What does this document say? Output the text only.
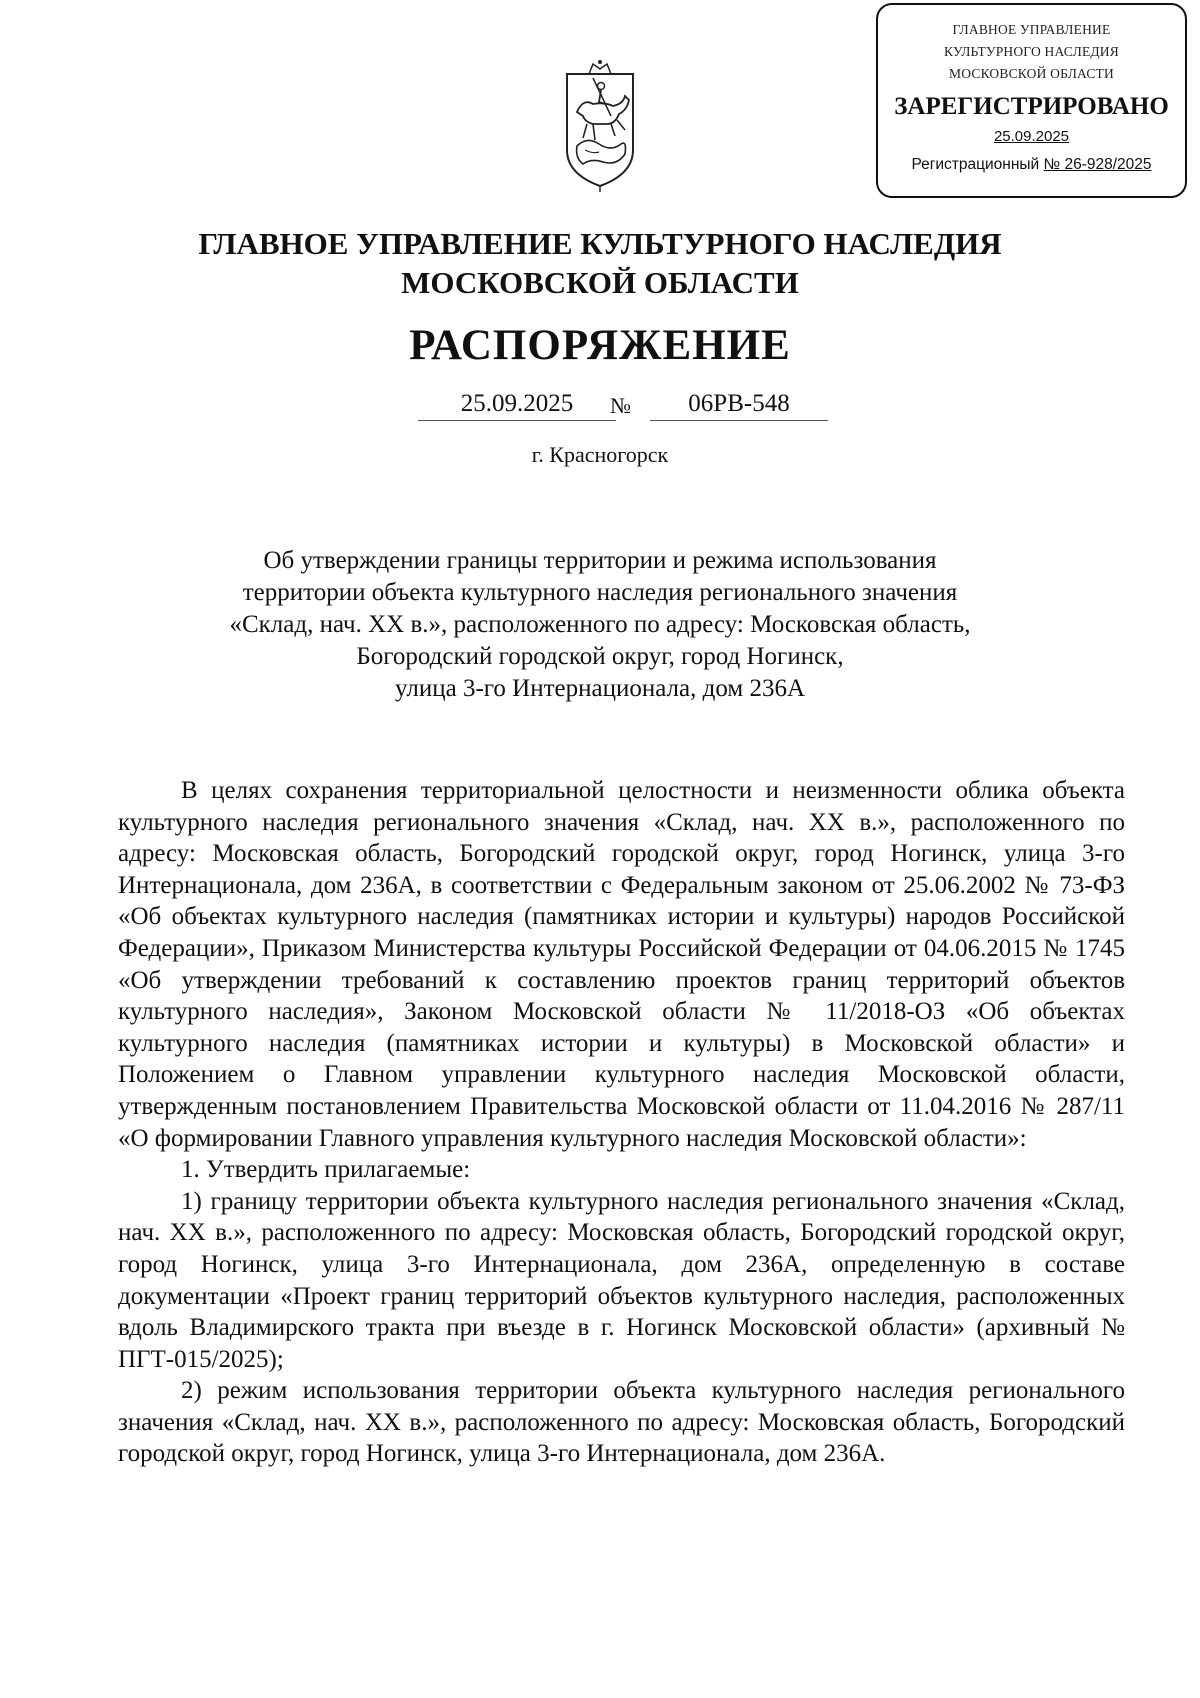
ГЛАВНОЕ УПРАВЛЕНИЕ
КУЛЬТУРНОГО НАСЛЕДИЯ
МОСКОВСКОЙ ОБЛАСТИ
ЗАРЕГИСТРИРОВАНО
25.09.2025
Регистрационный № 26-928/2025
ГЛАВНОЕ УПРАВЛЕНИЕ КУЛЬТУРНОГО НАСЛЕДИЯ
МОСКОВСКОЙ ОБЛАСТИ
РАСПОРЯЖЕНИЕ
25.09.2025	№	06РВ-548
г. Красногорск
Об утверждении границы территории и режима использования
территории объекта культурного наследия регионального значения
«Склад, нач. XX в.», расположенного по адресу: Московская область,
Богородский городской округ, город Ногинск,
улица 3-го Интернационала, дом 236А

В целях сохранения территориальной целостности и неизменности облика объекта культурного наследия регионального значения «Склад, нач. XX в.», расположенного по адресу: Московская область, Богородский городской округ, город Ногинск, улица 3-го Интернационала, дом 236А, в соответствии с Федеральным законом от 25.06.2002 № 73-ФЗ «Об объектах культурного наследия (памятниках истории и культуры) народов Российской Федерации», Приказом Министерства культуры Российской Федерации от 04.06.2015 № 1745 «Об утверждении требований к составлению проектов границ территорий объектов культурного наследия», Законом Московской области № 11/2018-ОЗ «Об объектах культурного наследия (памятниках истории и культуры) в Московской области» и Положением о Главном управлении культурного наследия Московской области, утвержденным постановлением Правительства Московской области от 11.04.2016 № 287/11 «О формировании Главного управления культурного наследия Московской области»:

1. Утвердить прилагаемые:

1) границу территории объекта культурного наследия регионального значения «Склад, нач. XX в.», расположенного по адресу: Московская область, Богородский городской округ, город Ногинск, улица 3-го Интернационала, дом 236А, определенную в составе документации «Проект границ территорий объектов культурного наследия, расположенных вдоль Владимирского тракта при въезде в г. Ногинск Московской области» (архивный № ПГТ-015/2025);

2) режим использования территории объекта культурного наследия регионального значения «Склад, нач. XX в.», расположенного по адресу: Московская область, Богородский городской округ, город Ногинск, улица 3-го Интернационала, дом 236А.
